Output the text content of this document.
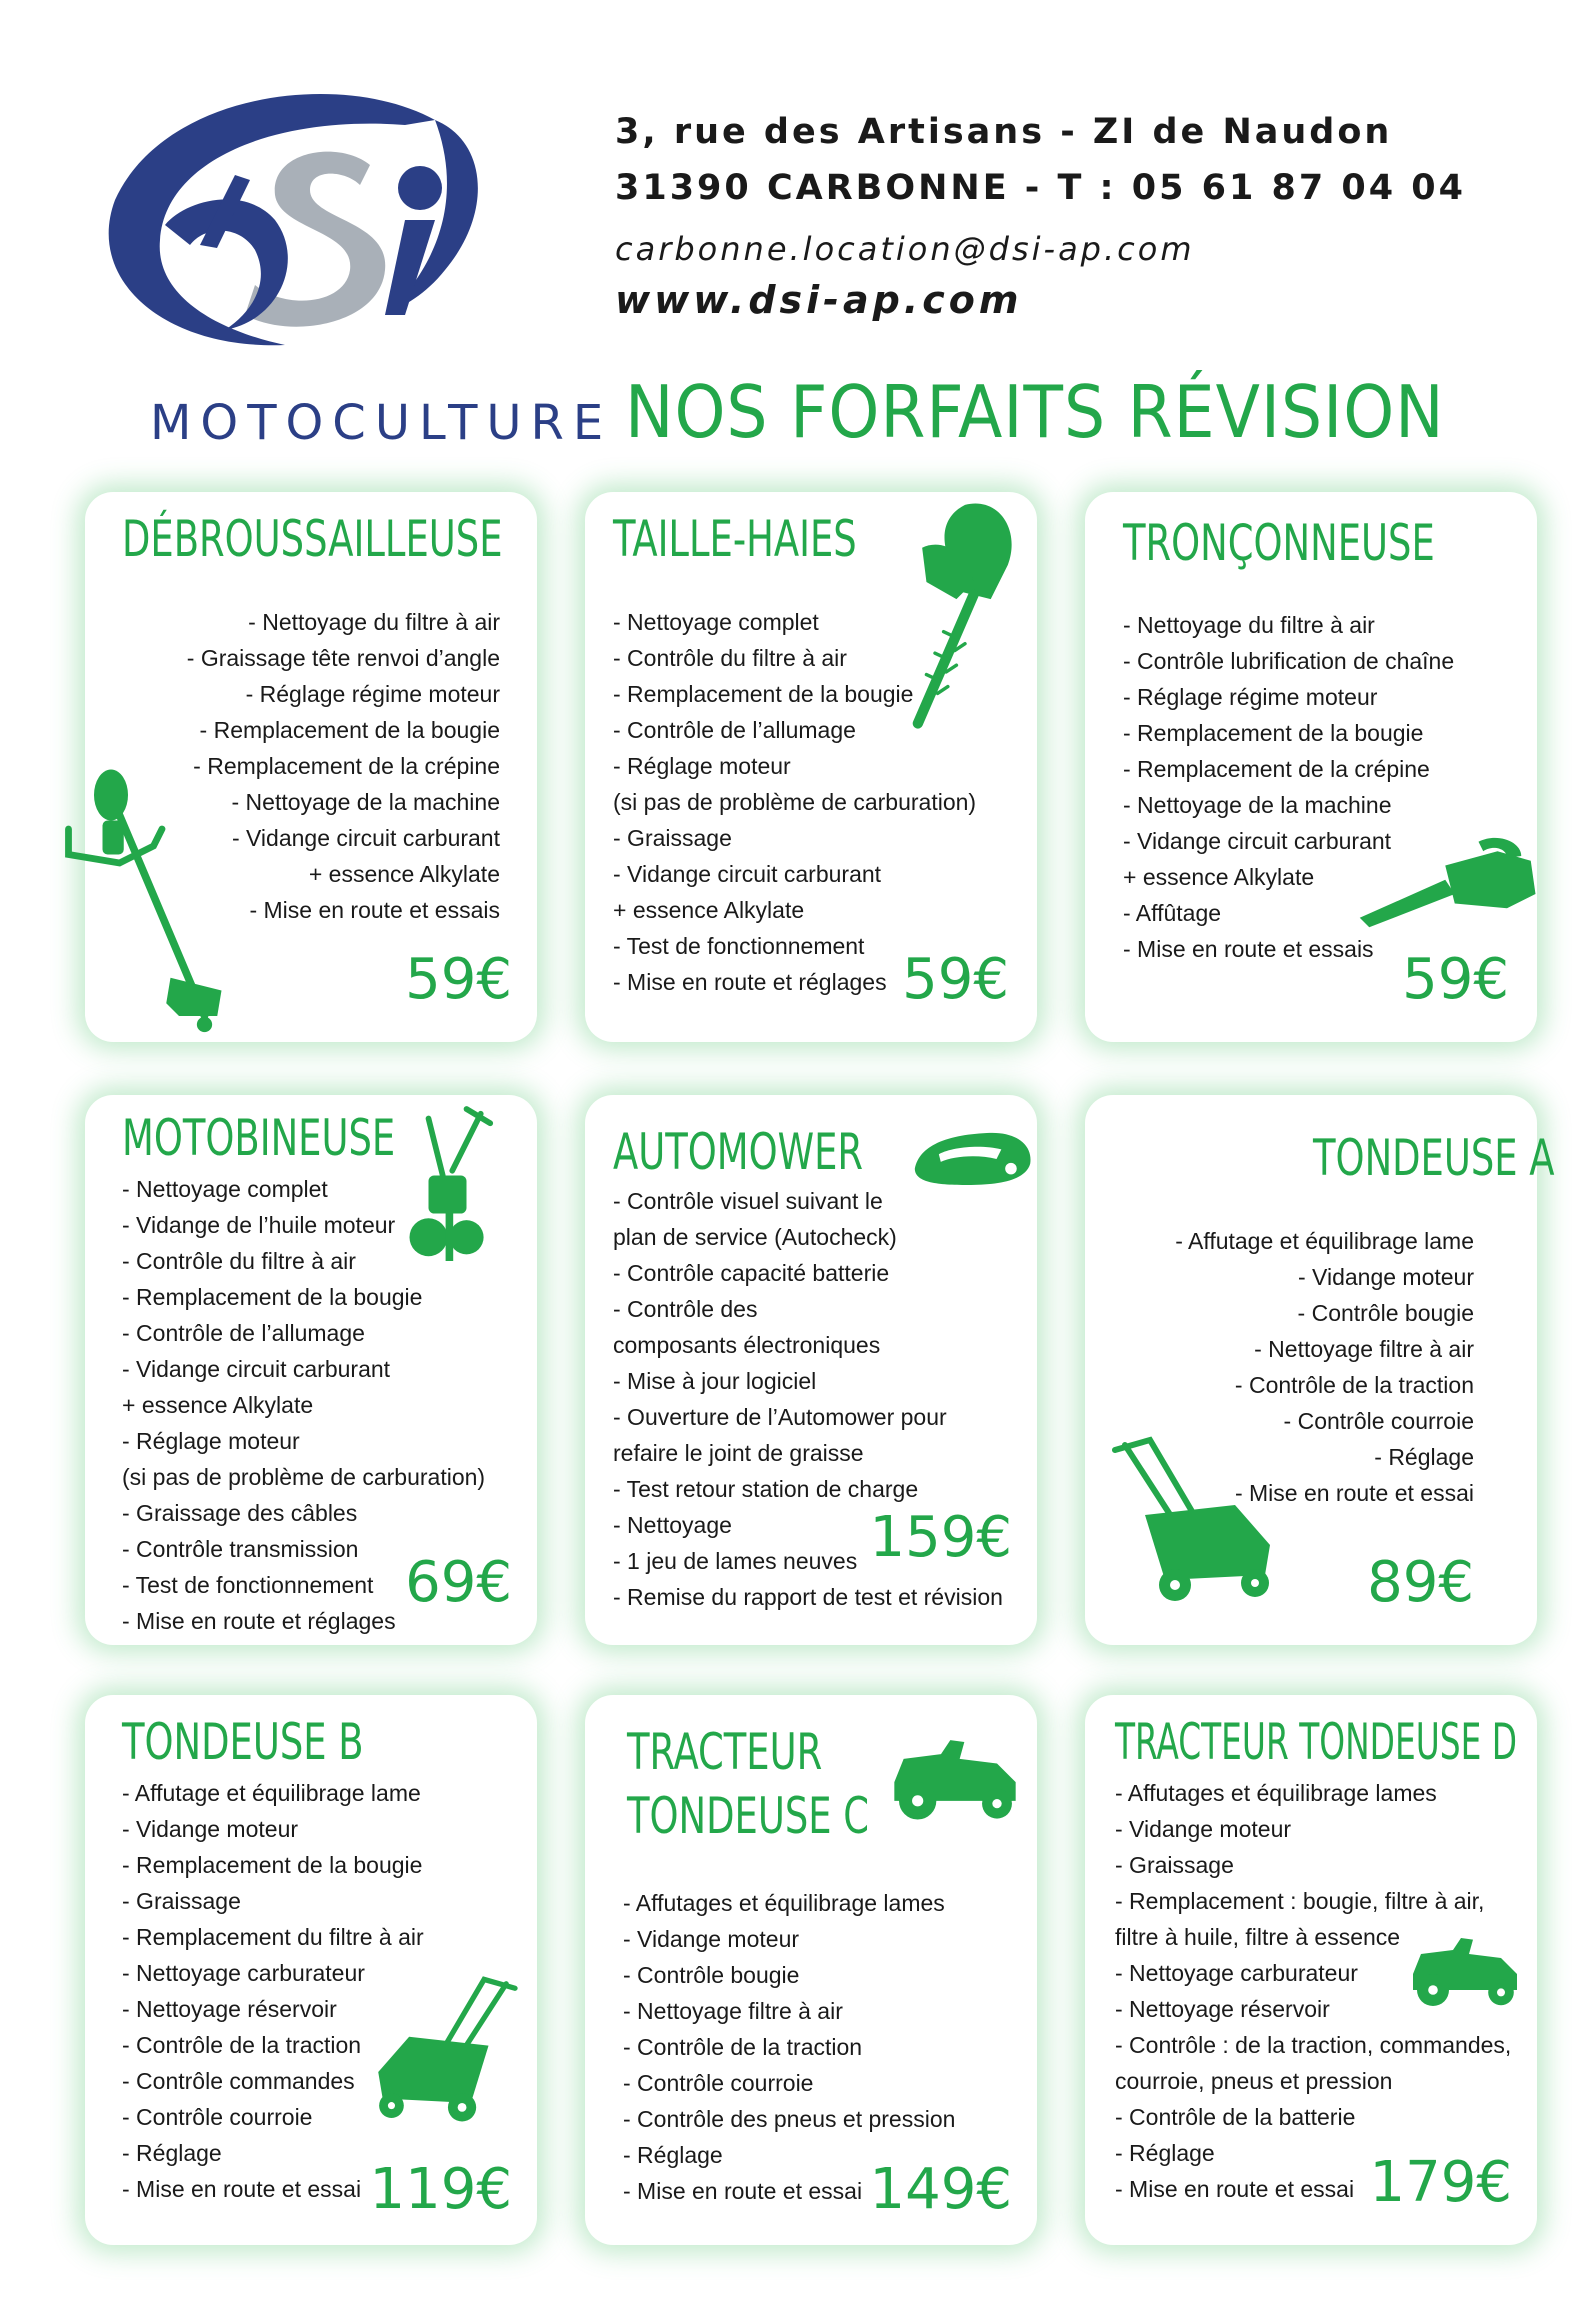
MOTOCULTURE
3, rue des Artisans - ZI de Naudon
31390 CARBONNE - T : 05 61 87 04 04
carbonne.location@dsi-ap.com
www.dsi-ap.com
NOS FORFAITS RÉVISION
DÉBROUSSAILLEUSE
- Nettoyage du filtre à air
- Graissage tête renvoi d’angle
- Réglage régime moteur
- Remplacement de la bougie
- Remplacement de la crépine
- Nettoyage de la machine
- Vidange circuit carburant
+ essence Alkylate
- Mise en route et essais
59€
TAILLE-HAIES
- Nettoyage complet
- Contrôle du filtre à air
- Remplacement de la bougie
- Contrôle de l’allumage
- Réglage moteur
(si pas de problème de carburation)
- Graissage
- Vidange circuit carburant
+ essence Alkylate
- Test de fonctionnement
- Mise en route et réglages 59€
TRONÇONNEUSE
- Nettoyage du filtre à air
- Contrôle lubrification de chaîne
- Réglage régime moteur
- Remplacement de la bougie
- Remplacement de la crépine
- Nettoyage de la machine
- Vidange circuit carburant
+ essence Alkylate
- Affûtage
- Mise en route et essais 59€
MOTOBINEUSE
- Nettoyage complet
- Vidange de l’huile moteur
- Contrôle du filtre à air
- Remplacement de la bougie
- Contrôle de l’allumage
- Vidange circuit carburant
+ essence Alkylate
- Réglage moteur
(si pas de problème de carburation)
- Graissage des câbles
- Contrôle transmission
- Test de fonctionnement
- Mise en route et réglages
69€
AUTOMOWER
- Contrôle visuel suivant le
plan de service (Autocheck)
- Contrôle capacité batterie
- Contrôle des
composants électroniques
- Mise à jour logiciel
- Ouverture de l’Automower pour
refaire le joint de graisse
- Test retour station de charge
- Nettoyage
- 1 jeu de lames neuves
- Remise du rapport de test et révision
159€
TONDEUSE A
- Affutage et équilibrage lame
- Vidange moteur
- Contrôle bougie
- Nettoyage filtre à air
- Contrôle de la traction
- Contrôle courroie
- Réglage
- Mise en route et essai
89€
TONDEUSE B
- Affutage et équilibrage lame
- Vidange moteur
- Remplacement de la bougie
- Graissage
- Remplacement du filtre à air
- Nettoyage carburateur
- Nettoyage réservoir
- Contrôle de la traction
- Contrôle commandes
- Contrôle courroie
- Réglage
- Mise en route et essai 119€
TRACTEUR
TONDEUSE C
- Affutages et équilibrage lames
- Vidange moteur
- Contrôle bougie
- Nettoyage filtre à air
- Contrôle de la traction
- Contrôle courroie
- Contrôle des pneus et pression
- Réglage
- Mise en route et essai 149€
TRACTEUR TONDEUSE D
- Affutages et équilibrage lames
- Vidange moteur
- Graissage
- Remplacement : bougie, filtre à air,
filtre à huile, filtre à essence
- Nettoyage carburateur
- Nettoyage réservoir
- Contrôle : de la traction, commandes,
courroie, pneus et pression
- Contrôle de la batterie
- Réglage
- Mise en route et essai 179€
